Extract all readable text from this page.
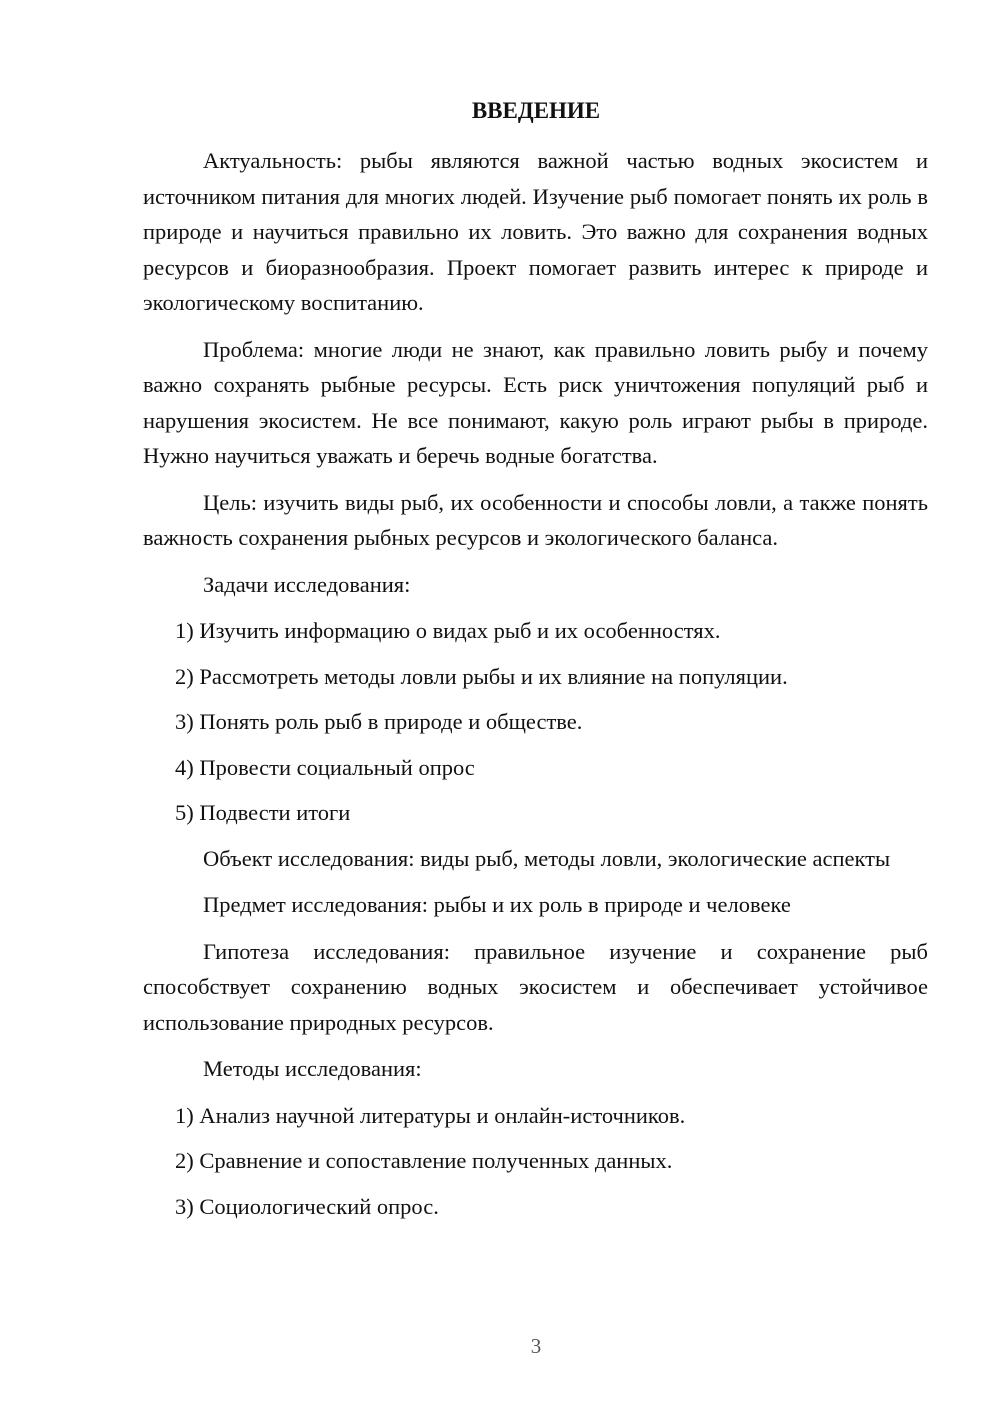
ВВЕДЕНИЕ

Актуальность: рыбы являются важной частью водных экосистем и источником питания для многих людей. Изучение рыб помогает понять их роль в природе и научиться правильно их ловить. Это важно для сохранения водных ресурсов и биоразнообразия. Проект помогает развить интерес к природе и экологическому воспитанию.

Проблема: многие люди не знают, как правильно ловить рыбу и почему важно сохранять рыбные ресурсы. Есть риск уничтожения популяций рыб и нарушения экосистем. Не все понимают, какую роль играют рыбы в природе. Нужно научиться уважать и беречь водные богатства.

Цель: изучить виды рыб, их особенности и способы ловли, а также понять важность сохранения рыбных ресурсов и экологического баланса.

Задачи исследования:

1) Изучить информацию о видах рыб и их особенностях.

2) Рассмотреть методы ловли рыбы и их влияние на популяции.

3) Понять роль рыб в природе и обществе.

4) Провести социальный опрос

5) Подвести итоги

Объект исследования: виды рыб, методы ловли, экологические аспекты

Предмет исследования: рыбы и их роль в природе и человеке

Гипотеза исследования: правильное изучение и сохранение рыб способствует сохранению водных экосистем и обеспечивает устойчивое использование природных ресурсов.

Методы исследования:

1) Анализ научной литературы и онлайн-источников.

2) Сравнение и сопоставление полученных данных.

3) Социологический опрос.

3
